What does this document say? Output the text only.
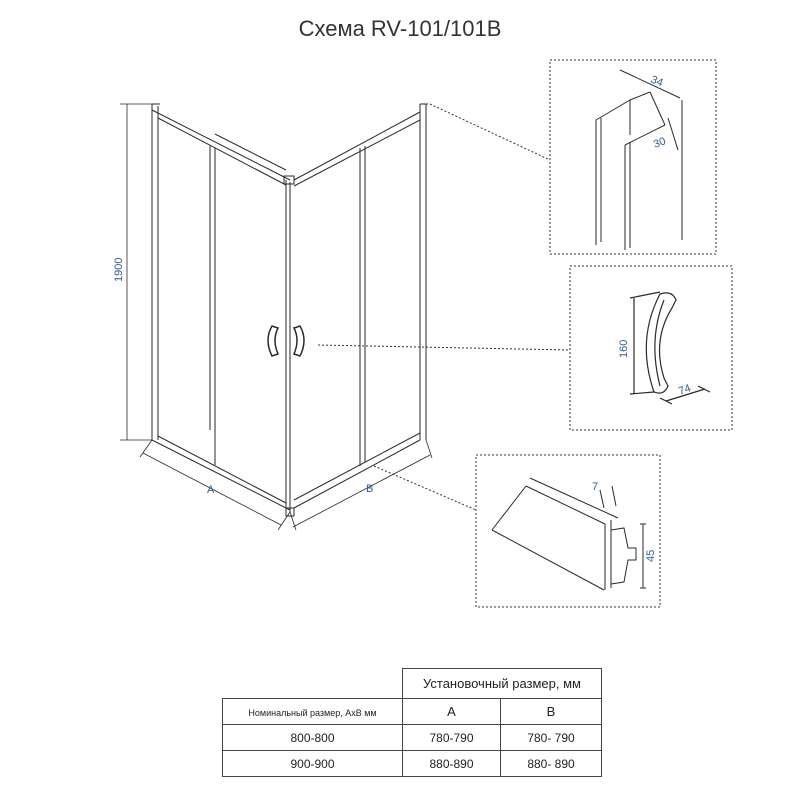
Схема RV-101/101B
1900
A	B
34
30
160
74
7
45
	Установочный размер, мм	
Номинальный размер, AxB мм	A	B
800-800	780-790	780- 790
900-900	880-890	880- 890
